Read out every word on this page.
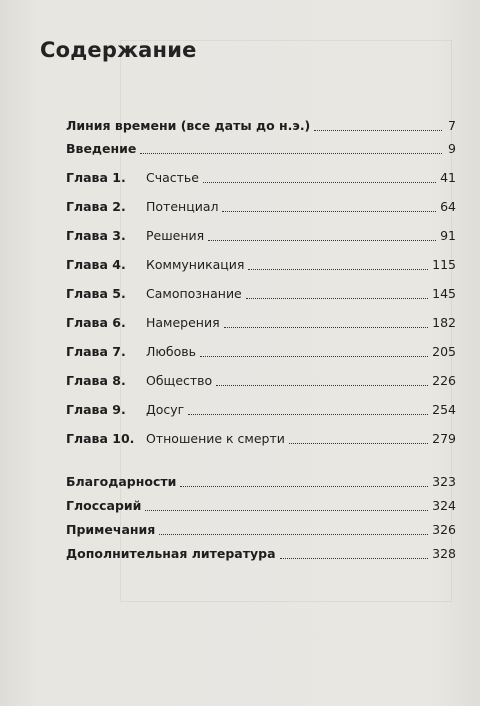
Содержание
Линия времени (все даты до н.э.)	7
Введение	9
Глава 1.	Счастье	41
Глава 2.	Потенциал	64
Глава 3.	Решения	91
Глава 4.	Коммуникация	115
Глава 5.	Самопознание	145
Глава 6.	Намерения	182
Глава 7.	Любовь	205
Глава 8.	Общество	226
Глава 9.	Досуг	254
Глава 10. Отношение к смерти	279
Благодарности	323
Глоссарий	324
Примечания	326
Дополнительная литература	328
